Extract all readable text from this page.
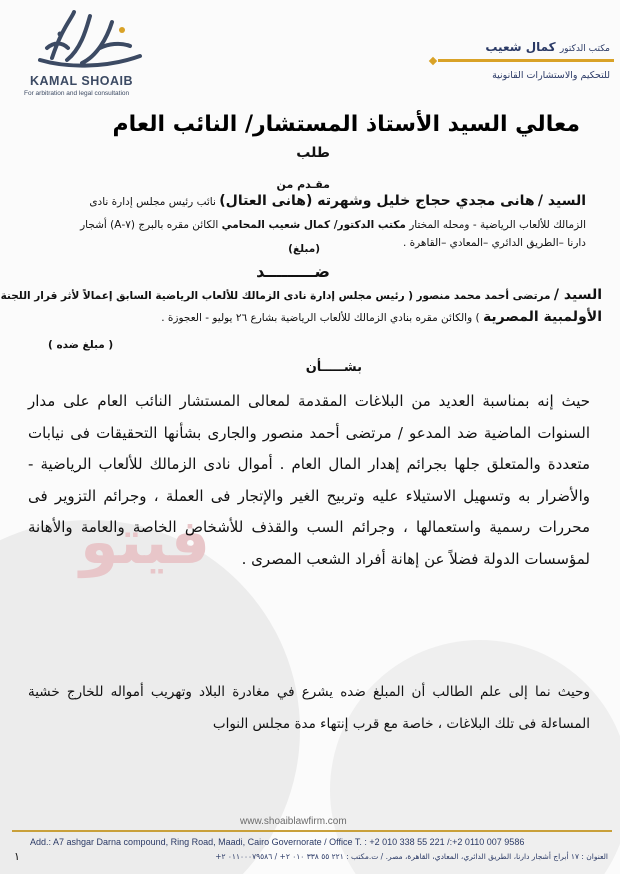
فيتو
KAMAL SHOAIB
For arbitration and legal consultation
مكتب الدكتور كمال شعيب
للتحكيم والاستشارات القانونية
معالي السيد الأستاذ المستشار/ النائب العام
طلب
مقـدم من
السيد / هانى مجدي حجاج خليل وشهرته (هانى العتال) نائب رئيس مجلس إدارة نادى
الزمالك للألعاب الرياضية - ومحله المختار مكتب الدكتور/ كمال شعيب المحامي الكائن مقره بالبرج (٧-A) أشجار
دارنا –الطريق الدائري –المعادي –القاهرة .
(مبلغ)
ضـــــــــد
السيد / مرتضى أحمد محمد منصور ( رئيس مجلس إدارة نادى الزمالك للألعاب الرياضية السابق إعمالاً لأثر قرار اللجنة
الأولمبية المصرية ) والكائن مقره بنادي الزمالك للألعاب الرياضية بشارع ٢٦ يوليو - العجوزة .
( مبلغ ضده )
بشـــــأن
حيث إنه بمناسبة العديد من البلاغات المقدمة لمعالى المستشار النائب العام على مدار السنوات الماضية ضد المدعو / مرتضى أحمد منصور والجارى بشأنها التحقيقات فى نيابات متعددة والمتعلق جلها بجرائم إهدار المال العام . أموال نادى الزمالك للألعاب الرياضية - والأضرار به وتسهيل الاستيلاء عليه وتربيح الغير والإتجار فى العملة ، وجرائم التزوير فى محررات رسمية واستعمالها ، وجرائم السب والقذف للأشخاص الخاصة والعامة والأهانة لمؤسسات الدولة فضلاً عن إهانة أفراد الشعب المصرى .
وحيث نما إلى علم الطالب أن المبلغ ضده يشرع في مغادرة البلاد وتهريب أمواله للخارج خشية المساءلة فى تلك البلاغات ، خاصة مع قرب إنتهاء مدة مجلس النواب
www.shoaiblawfirm.com
Add.: A7 ashgar Darna compound, Ring Road, Maadi, Cairo Governorate / Office T. : +2 010 338 55 221 /:+2 0110 007 9586
العنوان : ١٧ أبراج أشجار دارنا، الطريق الدائري، المعادي، القاهرة، مصر. / ت.مكتب : ٢٢١ ٥٥ ٣٣٨ ٠١٠ ٢+ / ٠١١٠٠٠٧٩٥٨٦ ٢+
١
